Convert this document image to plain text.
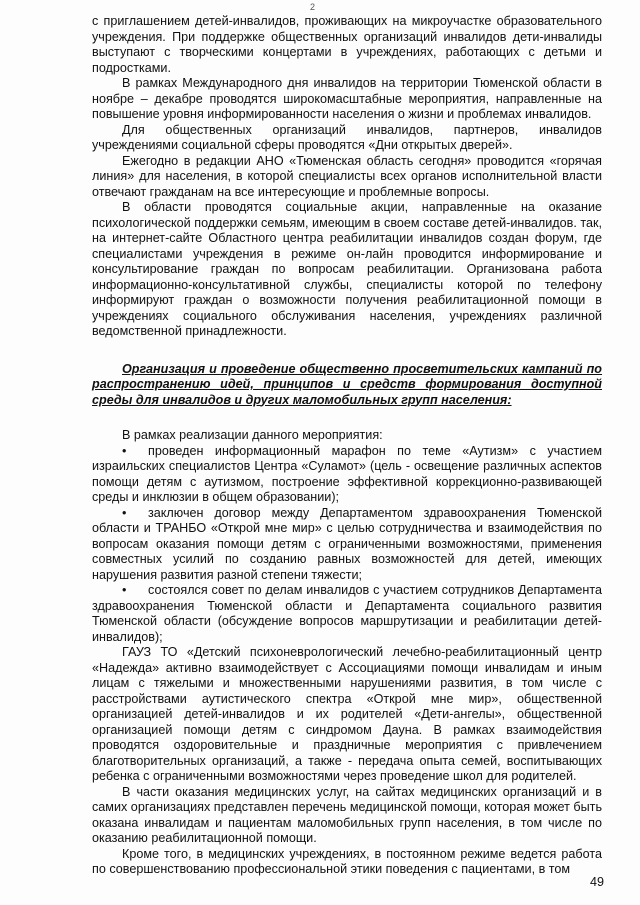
2

с приглашением детей-инвалидов, проживающих на микроучастке образовательного учреждения. При поддержке общественных организаций инвалидов дети-инвалиды выступают с творческими концертами в учреждениях, работающих с детьми и подростками.

В рамках Международного дня инвалидов на территории Тюменской области в ноябре – декабре проводятся широкомасштабные мероприятия, направленные на повышение уровня информированности населения о жизни и проблемах инвалидов.

Для общественных организаций инвалидов, партнеров, инвалидов учреждениями социальной сферы проводятся «Дни открытых дверей».

Ежегодно в редакции АНО «Тюменская область сегодня» проводится «горячая линия» для населения, в которой специалисты всех органов исполнительной власти отвечают гражданам на все интересующие и проблемные вопросы.

В области проводятся социальные акции, направленные на оказание психологической поддержки семьям, имеющим в своем составе детей-инвалидов. так, на интернет-сайте Областного центра реабилитации инвалидов создан форум, где специалистами учреждения в режиме он-лайн проводится информирование и консультирование граждан по вопросам реабилитации. Организована работа информационно-консультативной службы, специалисты которой по телефону информируют граждан о возможности получения реабилитационной помощи в учреждениях социального обслуживания населения, учреждениях различной ведомственной принадлежности.

Организация и проведение общественно просветительских кампаний по распространению идей, принципов и средств формирования доступной среды для инвалидов и других маломобильных групп населения:

В рамках реализации данного мероприятия:

• проведен информационный марафон по теме «Аутизм» с участием израильских специалистов Центра «Суламот» (цель - освещение различных аспектов помощи детям с аутизмом, построение эффективной коррекционно-развивающей среды и инклюзии в общем образовании);

• заключен договор между Департаментом здравоохранения Тюменской области и ТРАНБО «Открой мне мир» с целью сотрудничества и взаимодействия по вопросам оказания помощи детям с ограниченными возможностями, применения совместных усилий по созданию равных возможностей для детей, имеющих нарушения развития разной степени тяжести;

• состоялся совет по делам инвалидов с участием сотрудников Департамента здравоохранения Тюменской области и Департамента социального развития Тюменской области (обсуждение вопросов маршрутизации и реабилитации детей-инвалидов);

ГАУЗ ТО «Детский психоневрологический лечебно-реабилитационный центр «Надежда» активно взаимодействует с Ассоциациями помощи инвалидам и иным лицам с тяжелыми и множественными нарушениями развития, в том числе с расстройствами аутистического спектра «Открой мне мир», общественной организацией детей-инвалидов и их родителей «Дети-ангелы», общественной организацией помощи детям с синдромом Дауна. В рамках взаимодействия проводятся оздоровительные и праздничные мероприятия с привлечением благотворительных организаций, а также - передача опыта семей, воспитывающих ребенка с ограниченными возможностями через проведение школ для родителей.

В части оказания медицинских услуг, на сайтах медицинских организаций и в самих организациях представлен перечень медицинской помощи, которая может быть оказана инвалидам и пациентам маломобильных групп населения, в том числе по оказанию реабилитационной помощи.

Кроме того, в медицинских учреждениях, в постоянном режиме ведется работа по совершенствованию профессиональной этики поведения с пациентами, в том

49
